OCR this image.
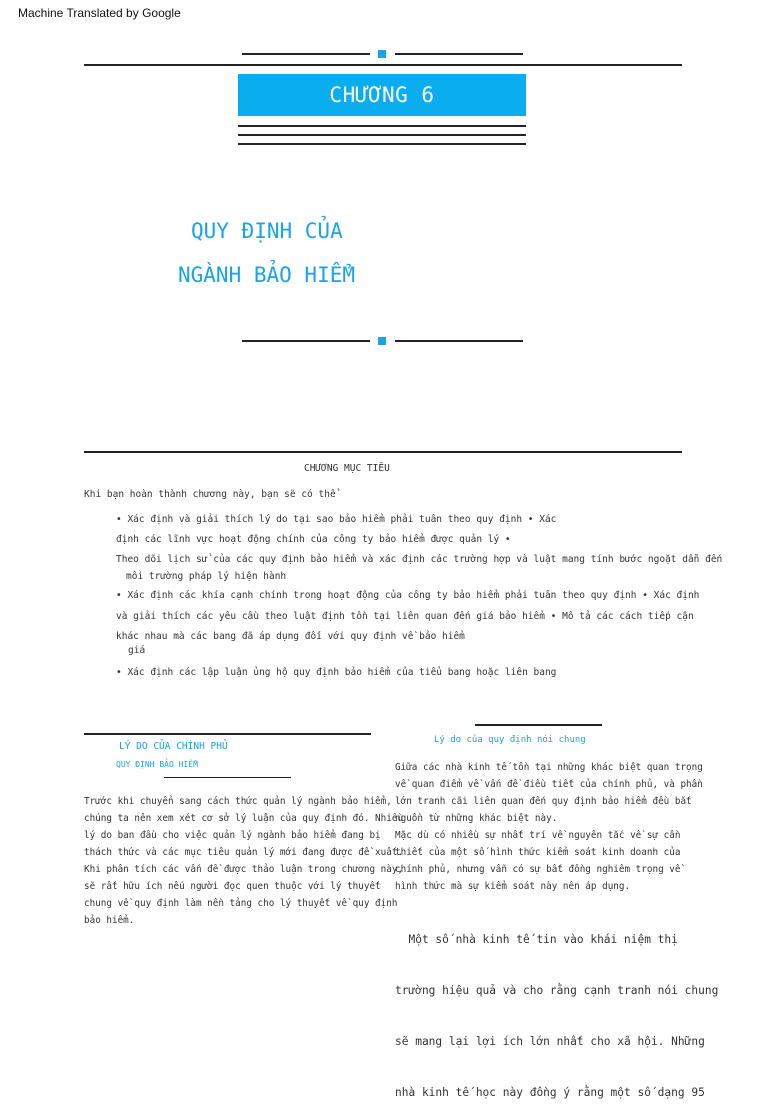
Machine Translated by Google
CHƯƠNG 6
QUY ĐỊNH CỦA
NGÀNH BẢO HIỂM
CHƯƠNG MỤC TIÊU
Khi bạn hoàn thành chương này, bạn sẽ có thể
• Xác định và giải thích lý do tại sao bảo hiểm phải tuân theo quy định • Xác
định các lĩnh vực hoạt động chính của công ty bảo hiểm được quản lý •
Theo dõi lịch sử của các quy định bảo hiểm và xác định các trường hợp và luật mang tính bước ngoặt dẫn đến
môi trường pháp lý hiện hành
• Xác định các khía cạnh chính trong hoạt động của công ty bảo hiểm phải tuân theo quy định • Xác định
và giải thích các yêu cầu theo luật định tồn tại liên quan đến giá bảo hiểm • Mô tả các cách tiếp cận
khác nhau mà các bang đã áp dụng đối với quy định về bảo hiểm
giá
• Xác định các lập luận ủng hộ quy định bảo hiểm của tiểu bang hoặc liên bang
LÝ DO CỦA CHÍNH PHỦ
QUY ĐỊNH BẢO HIỂM
Trước khi chuyển sang cách thức quản lý ngành bảo hiểm,
chúng ta nên xem xét cơ sở lý luận của quy định đó. Nhiều
lý do ban đầu cho việc quản lý ngành bảo hiểm đang bị
thách thức và các mục tiêu quản lý mới đang được đề xuất.
Khi phân tích các vấn đề được thảo luận trong chương này,
sẽ rất hữu ích nếu người đọc quen thuộc với lý thuyết
chung về quy định làm nền tảng cho lý thuyết về quy định
bảo hiểm.
Lý do của quy định nói chung
Giữa các nhà kinh tế tồn tại những khác biệt quan trọng
về quan điểm về vấn đề điều tiết của chính phủ, và phần
lớn tranh cãi liên quan đến quy định bảo hiểm đều bắt
nguồn từ những khác biệt này.
Mặc dù có nhiều sự nhất trí về nguyên tắc về sự cần
thiết của một số hình thức kiểm soát kinh doanh của
chính phủ, nhưng vẫn có sự bất đồng nghiêm trọng về
hình thức mà sự kiểm soát này nên áp dụng.

Một số nhà kinh tế tin vào khái niệm thị

trường hiệu quả và cho rằng cạnh tranh nói chung

sẽ mang lại lợi ích lớn nhất cho xã hội. Những

nhà kinh tế học này đồng ý rằng một số dạng 95
